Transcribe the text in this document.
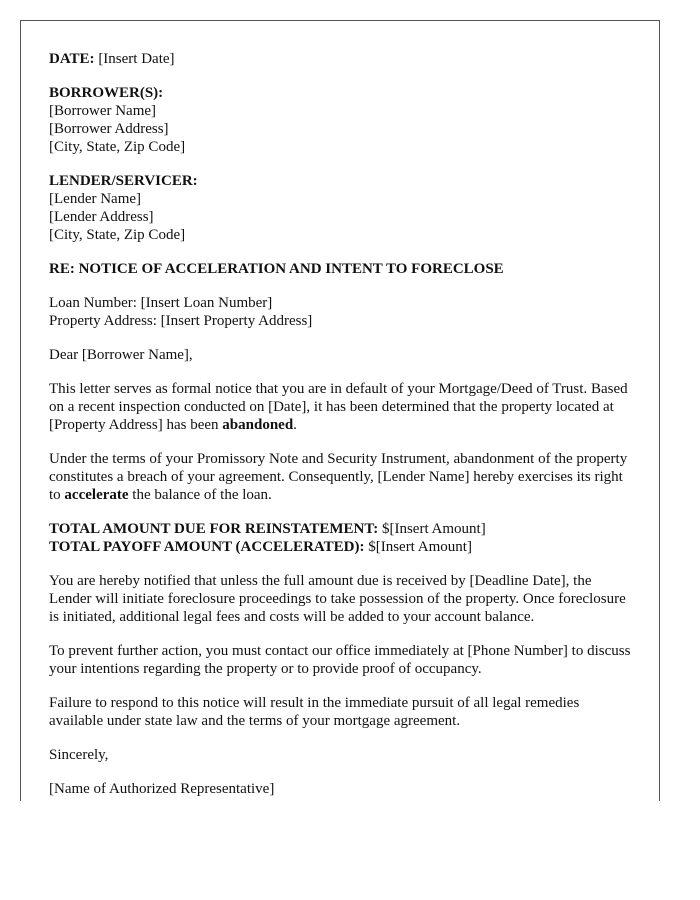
DATE: [Insert Date]

BORROWER(S):
[Borrower Name]
[Borrower Address]
[City, State, Zip Code]

LENDER/SERVICER:
[Lender Name]
[Lender Address]
[City, State, Zip Code]

RE: NOTICE OF ACCELERATION AND INTENT TO FORECLOSE

Loan Number: [Insert Loan Number]
Property Address: [Insert Property Address]

Dear [Borrower Name],

This letter serves as formal notice that you are in default of your Mortgage/Deed of Trust. Based on a recent inspection conducted on [Date], it has been determined that the property located at [Property Address] has been abandoned.

Under the terms of your Promissory Note and Security Instrument, abandonment of the property constitutes a breach of your agreement. Consequently, [Lender Name] hereby exercises its right to accelerate the balance of the loan.

TOTAL AMOUNT DUE FOR REINSTATEMENT: $[Insert Amount]
TOTAL PAYOFF AMOUNT (ACCELERATED): $[Insert Amount]

You are hereby notified that unless the full amount due is received by [Deadline Date], the Lender will initiate foreclosure proceedings to take possession of the property. Once foreclosure is initiated, additional legal fees and costs will be added to your account balance.

To prevent further action, you must contact our office immediately at [Phone Number] to discuss your intentions regarding the property or to provide proof of occupancy.

Failure to respond to this notice will result in the immediate pursuit of all legal remedies available under state law and the terms of your mortgage agreement.

Sincerely,

[Name of Authorized Representative]
